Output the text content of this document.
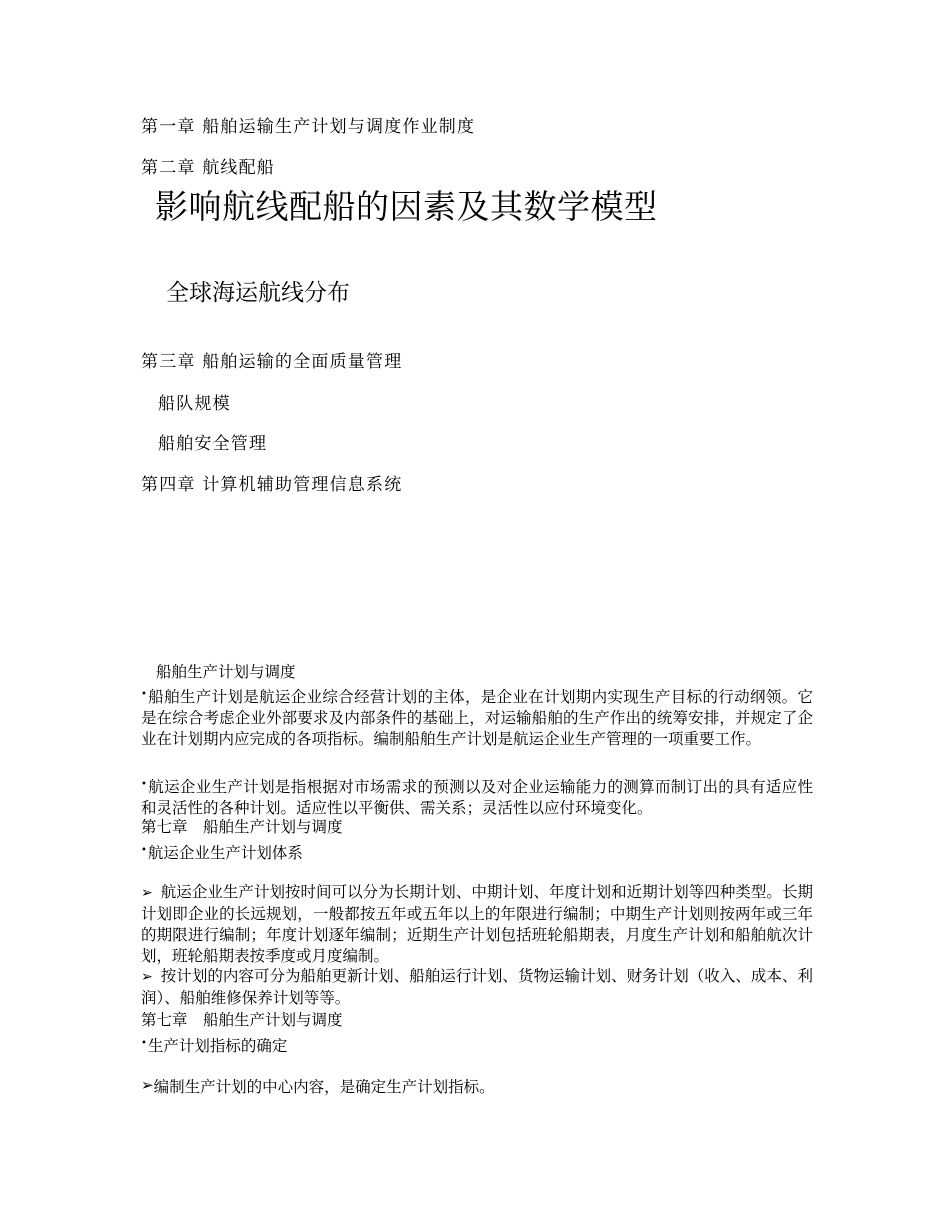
第一章 船舶运输生产计划与调度作业制度

第二章 航线配船

影响航线配船的因素及其数学模型

全球海运航线分布

第三章 船舶运输的全面质量管理

船队规模

船舶安全管理

第四章 计算机辅助管理信息系统

船舶生产计划与调度

•船舶生产计划是航运企业综合经营计划的主体，是企业在计划期内实现生产目标的行动纲领。它是在综合考虑企业外部要求及内部条件的基础上，对运输船舶的生产作出的统筹安排，并规定了企业在计划期内应完成的各项指标。编制船舶生产计划是航运企业生产管理的一项重要工作。

•航运企业生产计划是指根据对市场需求的预测以及对企业运输能力的测算而制订出的具有适应性和灵活性的各种计划。适应性以平衡供、需关系；灵活性以应付环境变化。

第七章　船舶生产计划与调度

•航运企业生产计划体系

➢ 航运企业生产计划按时间可以分为长期计划、中期计划、年度计划和近期计划等四种类型。长期计划即企业的长远规划，一般都按五年或五年以上的年限进行编制；中期生产计划则按两年或三年的期限进行编制；年度计划逐年编制；近期生产计划包括班轮船期表，月度生产计划和船舶航次计划，班轮船期表按季度或月度编制。

➢ 按计划的内容可分为船舶更新计划、船舶运行计划、货物运输计划、财务计划（收入、成本、利润）、船舶维修保养计划等等。

第七章　船舶生产计划与调度

•生产计划指标的确定

➢编制生产计划的中心内容，是确定生产计划指标。
